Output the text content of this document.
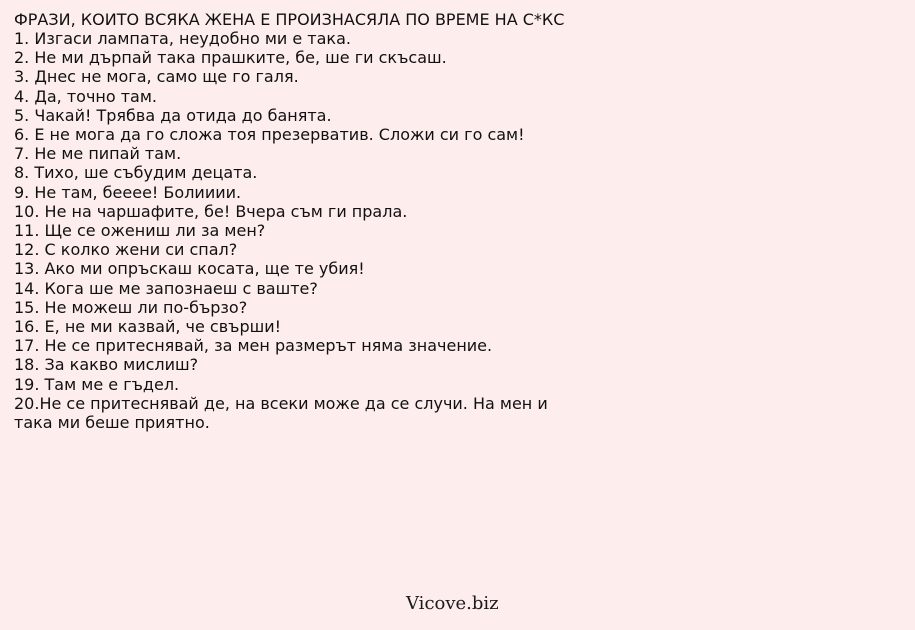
ФРАЗИ, КОИТО ВСЯКА ЖЕНА Е ПРОИЗНАСЯЛА ПО ВРЕМЕ НА С*КС
1. Изгаси лампата, неудобно ми е така.
2. Не ми дърпай така прашките, бе, ше ги скъсаш.
3. Днес не мога, само ще го галя.
4. Да, точно там.
5. Чакай! Трябва да отида до банята.
6. Е не мога да го сложа тоя презерватив. Сложи си го сам!
7. Не ме пипай там.
8. Тихо, ше събудим децата.
9. Не там, беееe! Болииии.
10. Не на чаршафите, бе! Вчера съм ги прала.
11. Ще се ожениш ли за мен?
12. С колко жени си спал?
13. Ако ми опръскаш косата, ще те убия!
14. Кога ше ме запознаеш с ваште?
15. Не можеш ли по-бързо?
16. Е, не ми казвай, че свърши!
17. Не се притеснявай, за мен размерът няма значение.
18. За какво мислиш?
19. Там ме е гъдел.
20.Не се притеснявай де, на всеки може да се случи. На мен и така ми беше приятно.
Vicove.biz
